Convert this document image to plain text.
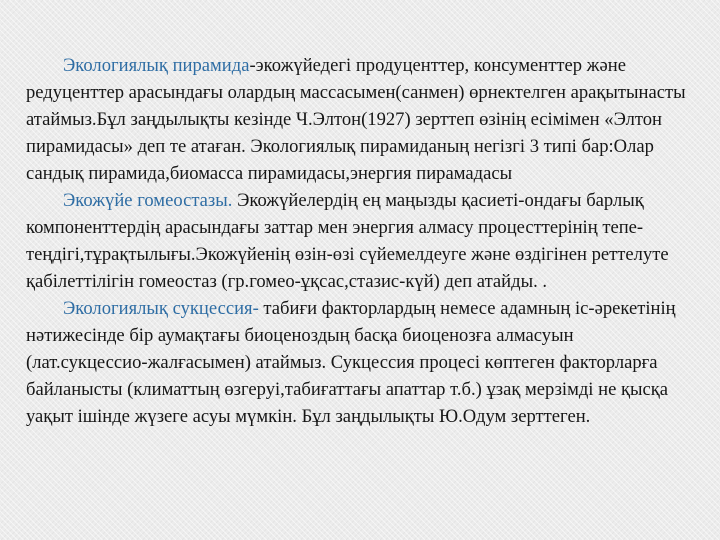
Экологиялық пирамида-экожүйедегі продуценттер, консументтер және редуценттер арасындағы олардың массасымен(санмен) өрнектелген арақытынасты атаймыз.Бұл заңдылықты кезінде Ч.Элтон(1927) зерттеп өзінің есімімен «Элтон пирамидасы» деп те атаған. Экологиялық пирамиданың негізгі 3 типі бар:Олар сандық пирамида,биомасса пирамидасы,энергия пирамадасы

Экожүйе гомеостазы. Экожүйелердің ең маңызды қасиеті-ондағы барлық компоненттердің арасындағы заттар мен энергия алмасу процесттерінің тепе-теңдігі,тұрақтылығы.Экожүйенің өзін-өзі сүйемелдеуге және өздігінен реттелуте қабілеттілігін гомеостаз (гр.гомео-ұқсас,стазис-күй) деп атайды. .

Экологиялық сукцессия- табиғи факторлардың немесе адамның іс-әрекетінің нәтижесінде бір аумақтағы биоценоздың басқа биоценозға алмасуын (лат.сукцессио-жалғасымен) атаймыз. Сукцессия процесі көптеген факторларға байланысты (климаттың өзгеруі,табиғаттағы апаттар т.б.) ұзақ мерзімді не қысқа уақыт ішінде жүзеге асуы мүмкін. Бұл заңдылықты Ю.Одум зерттеген.
